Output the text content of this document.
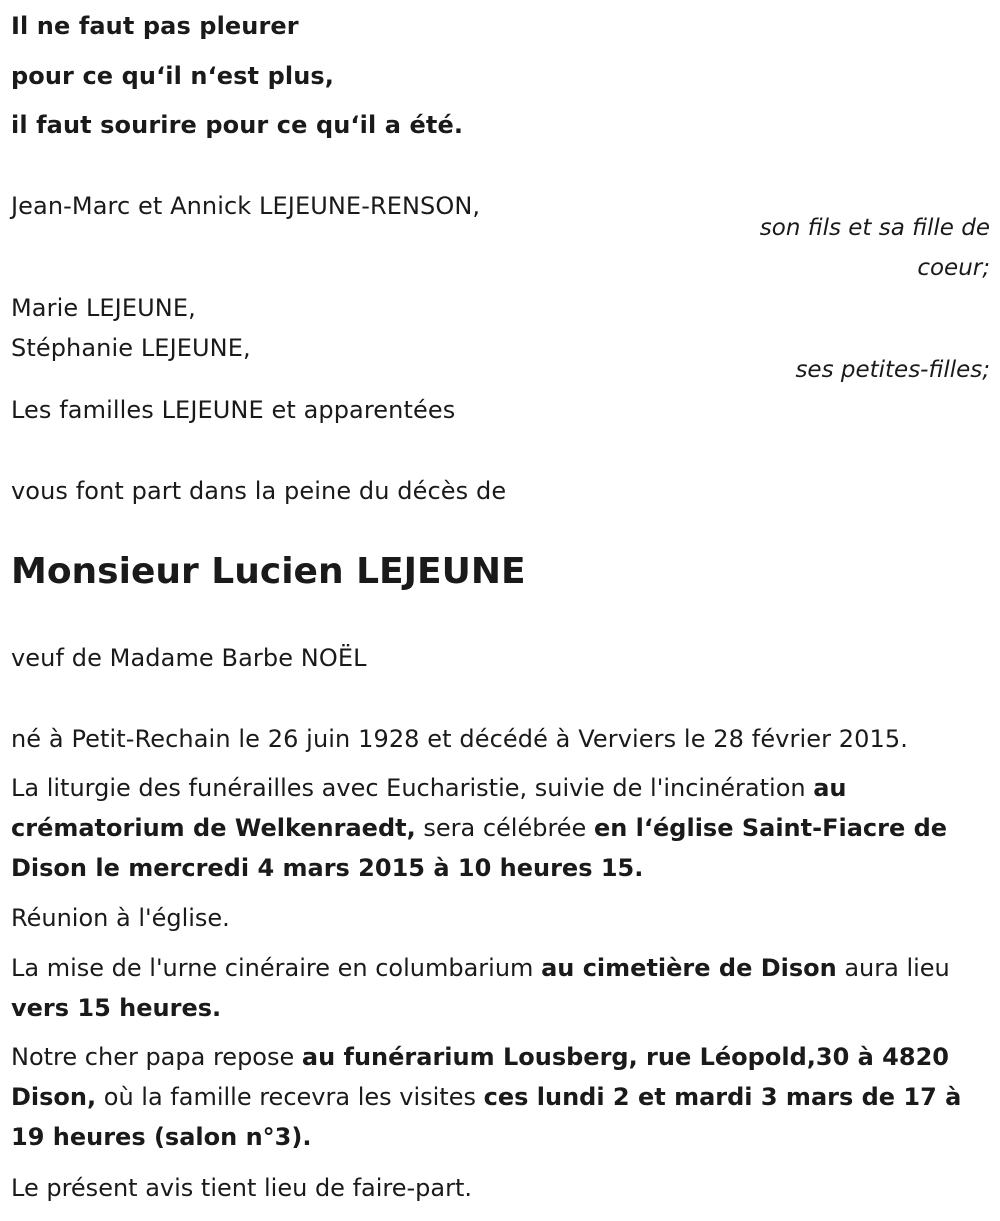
Il ne faut pas pleurer
pour ce qu‘il n‘est plus,
il faut sourire pour ce qu‘il a été.
Jean-Marc et Annick LEJEUNE-RENSON,
son fils et sa fille de
coeur;
Marie LEJEUNE,
Stéphanie LEJEUNE,
ses petites-filles;
Les familles LEJEUNE et apparentées
vous font part dans la peine du décès de
Monsieur Lucien LEJEUNE
veuf de Madame Barbe NOËL
né à Petit-Rechain le 26 juin 1928 et décédé à Verviers le 28 février 2015.
La liturgie des funérailles avec Eucharistie, suivie de l'incinération au crématorium de Welkenraedt, sera célébrée en l‘église Saint-Fiacre de Dison le mercredi 4 mars 2015 à 10 heures 15.
Réunion à l'église.
La mise de l'urne cinéraire en columbarium au cimetière de Dison aura lieu vers 15 heures.
Notre cher papa repose au funérarium Lousberg, rue Léopold,30 à 4820 Dison, où la famille recevra les visites ces lundi 2 et mardi 3 mars de 17 à 19 heures (salon n°3).
Le présent avis tient lieu de faire-part.
